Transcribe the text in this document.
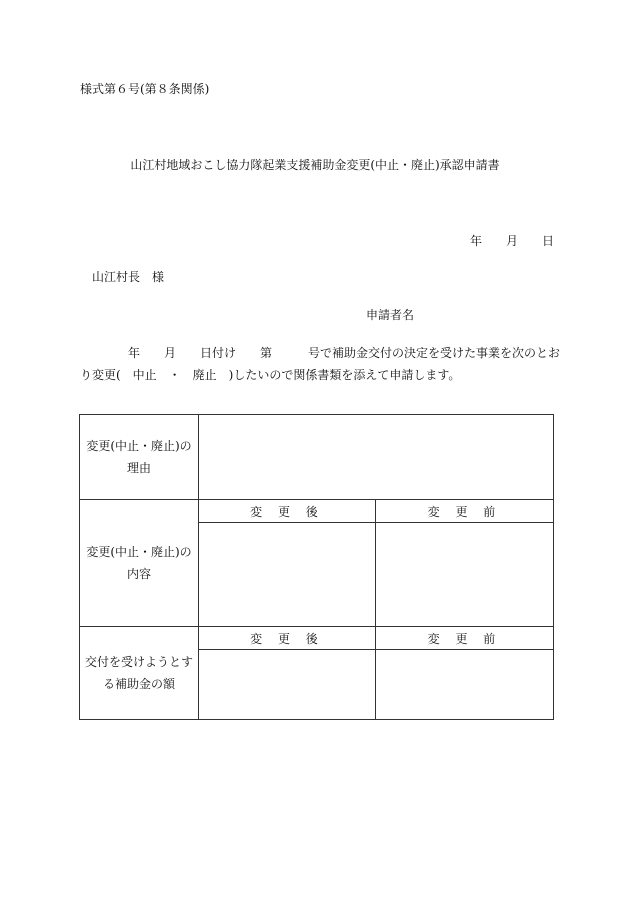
様式第６号(第８条関係)
山江村地域おこし協力隊起業支援補助金変更(中止・廃止)承認申請書
年 月 日
山江村長　様
申請者名
年　　月　　日付け　　第　　　号で補助金交付の決定を受けた事業を次のとお
り変更(　中止　・　廃止　)したいので関係書類を添えて申請します。
変更(中止・廃止)の
理由		

変更(中止・廃止)の
内容	変 更 後	変 更 前

交付を受けようとす
る補助金の額	変 更 後	変 更 前
